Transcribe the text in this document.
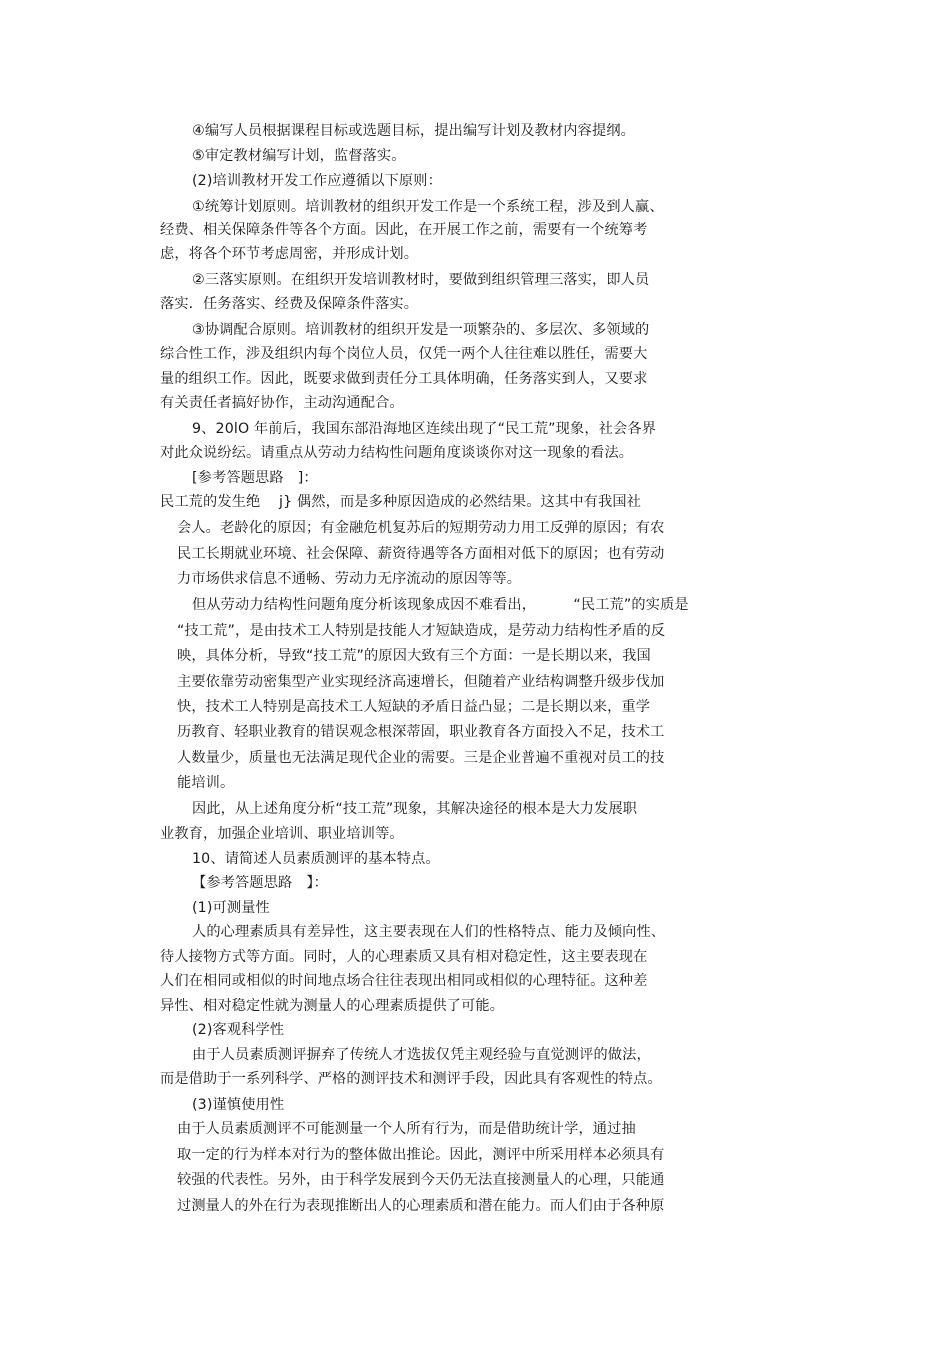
④编写人员根据课程目标或选题目标，提出编写计划及教材内容提纲。
⑤审定教材编写计划，监督落实。
(2)培训教材开发工作应遵循以下原则：
①统筹计划原则。培训教材的组织开发工作是一个系统工程，涉及到人赢、
经费、相关保障条件等各个方面。因此，在开展工作之前，需要有一个统筹考
虑，将各个环节考虑周密，并形成计划。
②三落实原则。在组织开发培训教材时，要做到组织管理三落实，即人员
落实．任务落实、经费及保障条件落实。
③协调配合原则。培训教材的组织开发是一项繁杂的、多层次、多领域的
综合性工作，涉及组织内每个岗位人员，仅凭一两个人往往难以胜任，需要大
量的组织工作。因此，既要求做到责任分工具体明确，任务落实到人，又要求
有关责任者搞好协作，主动沟通配合。
9、20lO 年前后，我国东部沿海地区连续出现了“民工荒”现象，社会各界
对此众说纷纭。请重点从劳动力结构性问题角度谈谈你对这一现象的看法。
[参考答题思路   ]：
民工荒的发生绝    j} 偶然，而是多种原因造成的必然结果。这其中有我国社
会人。老龄化的原因；有金融危机复苏后的短期劳动力用工反弹的原因；有农
民工长期就业环境、社会保障、薪资待遇等各方面相对低下的原因；也有劳动
力市场供求信息不通畅、劳动力无序流动的原因等等。
但从劳动力结构性问题角度分析该现象成因不难看出，        “民工荒”的实质是
“技工荒”，是由技术工人特别是技能人才短缺造成，是劳动力结构性矛盾的反
映，具体分析，导致“技工荒”的原因大致有三个方面：一是长期以来，我国
主要依靠劳动密集型产业实现经济高速增长，但随着产业结构调整升级步伐加
快，技术工人特别是高技术工人短缺的矛盾日益凸显；二是长期以来，重学
历教育、轻职业教育的错误观念根深蒂固，职业教育各方面投入不足，技术工
人数量少，质量也无法满足现代企业的需要。三是企业普遍不重视对员工的技
能培训。
因此，从上述角度分析“技工荒”现象，其解决途径的根本是大力发展职
业教育，加强企业培训、职业培训等。
10、请简述人员素质测评的基本特点。
【参考答题思路   】：
(1)可测量性
人的心理素质具有差异性，这主要表现在人们的性格特点、能力及倾向性、
待人接物方式等方面。同时，人的心理素质又具有相对稳定性，这主要表现在
人们在相同或相似的时间地点场合往往表现出相同或相似的心理特征。这种差
异性、相对稳定性就为测量人的心理素质提供了可能。
(2)客观科学性
由于人员素质测评摒弃了传统人才选拔仅凭主观经验与直觉测评的做法，
而是借助于一系列科学、严格的测评技术和测评手段，因此具有客观性的特点。
(3)谨慎使用性
由于人员素质测评不可能测量一个人所有行为，而是借助统计学，通过抽
取一定的行为样本对行为的整体做出推论。因此，测评中所采用样本必须具有
较强的代表性。另外，由于科学发展到今天仍无法直接测量人的心理，只能通
过测量人的外在行为表现推断出人的心理素质和潜在能力。而人们由于各种原
